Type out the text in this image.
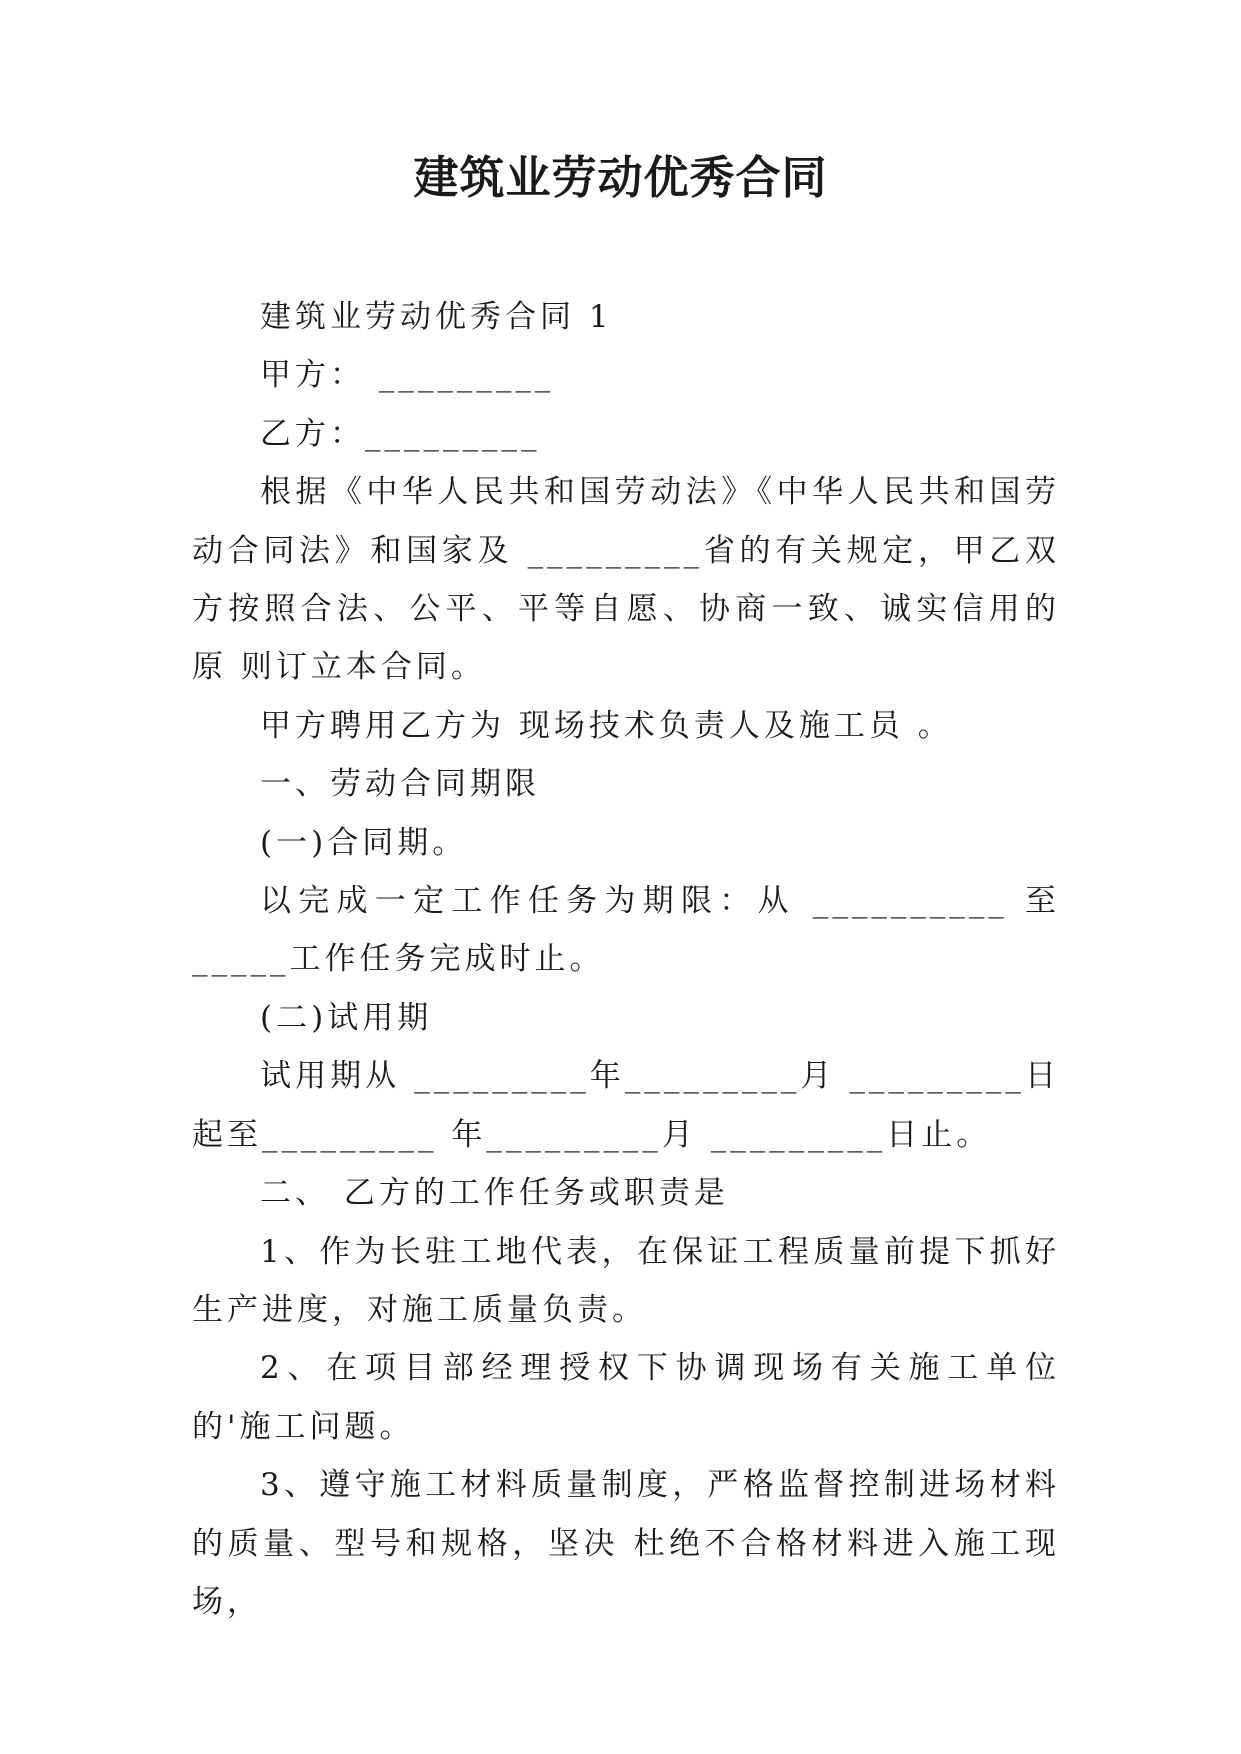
建筑业劳动优秀合同

建筑业劳动优秀合同 1

甲方： _________

乙方：_________

根据《中华人民共和国劳动法》《中华人民共和国劳动合同法》和国家及 _________省的有关规定，甲乙双方按照合法、公平、平等自愿、协商一致、诚实信用的原 则订立本合同。

甲方聘用乙方为 现场技术负责人及施工员 。

一、劳动合同期限

(一)合同期。

以完成一定工作任务为期限：从 __________ 至 _____工作任务完成时止。

(二)试用期

试用期从 _________年_________月 _________日起至_________ 年_________月 _________日止。

二、 乙方的工作任务或职责是

1、作为长驻工地代表，在保证工程质量前提下抓好生产进度，对施工质量负责。

2、在项目部经理授权下协调现场有关施工单位的'施工问题。

3、遵守施工材料质量制度，严格监督控制进场材料的质量、型号和规格，坚决 杜绝不合格材料进入施工现场，
